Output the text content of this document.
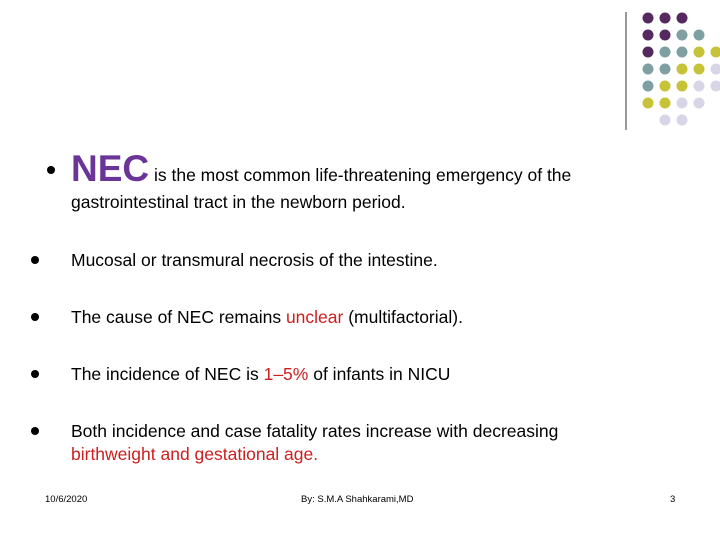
NEC is the most common life-threatening emergency of the
gastrointestinal tract in the newborn period.
Mucosal or transmural necrosis of the intestine.
The cause of NEC remains unclear (multifactorial).
The incidence of NEC is 1–5% of infants in NICU
Both incidence and case fatality rates increase with decreasing
birthweight and gestational age.
10/6/2020	By: S.M.A Shahkarami,MD	3
